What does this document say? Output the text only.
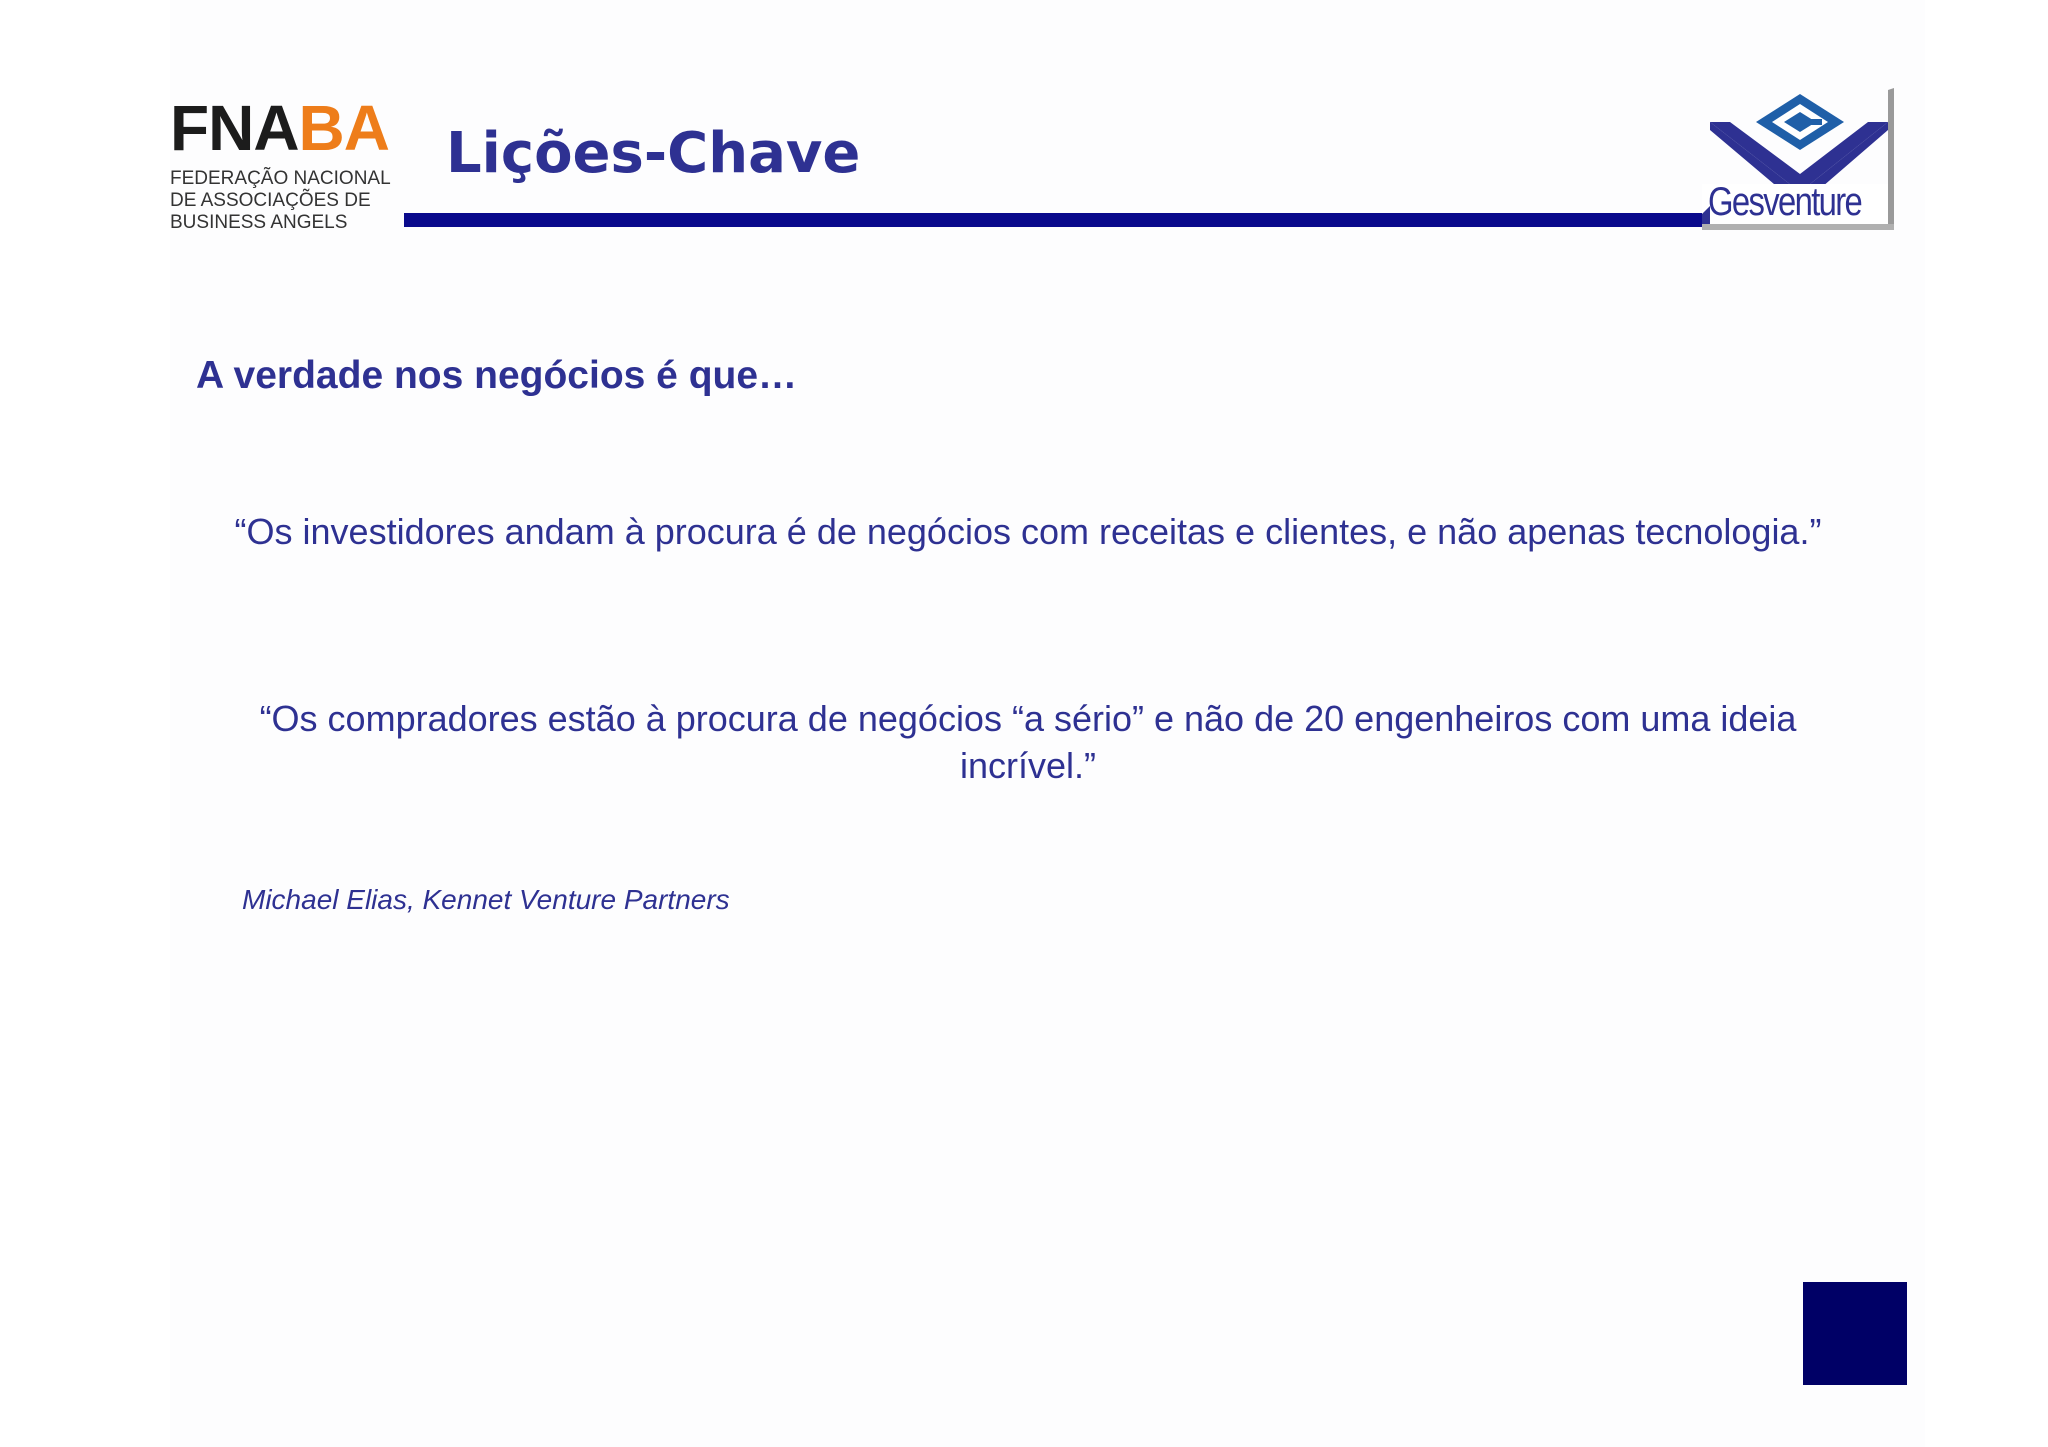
FNABA
FEDERAÇÃO NACIONAL
DE ASSOCIAÇÕES DE
BUSINESS ANGELS
Lições-Chave
Gesventure
A verdade nos negócios é que…
“Os investidores andam à procura é de negócios com receitas e clientes, e não apenas tecnologia.”
“Os compradores estão à procura de negócios “a sério” e não de 20 engenheiros com uma ideia incrível.”
Michael Elias, Kennet Venture Partners
